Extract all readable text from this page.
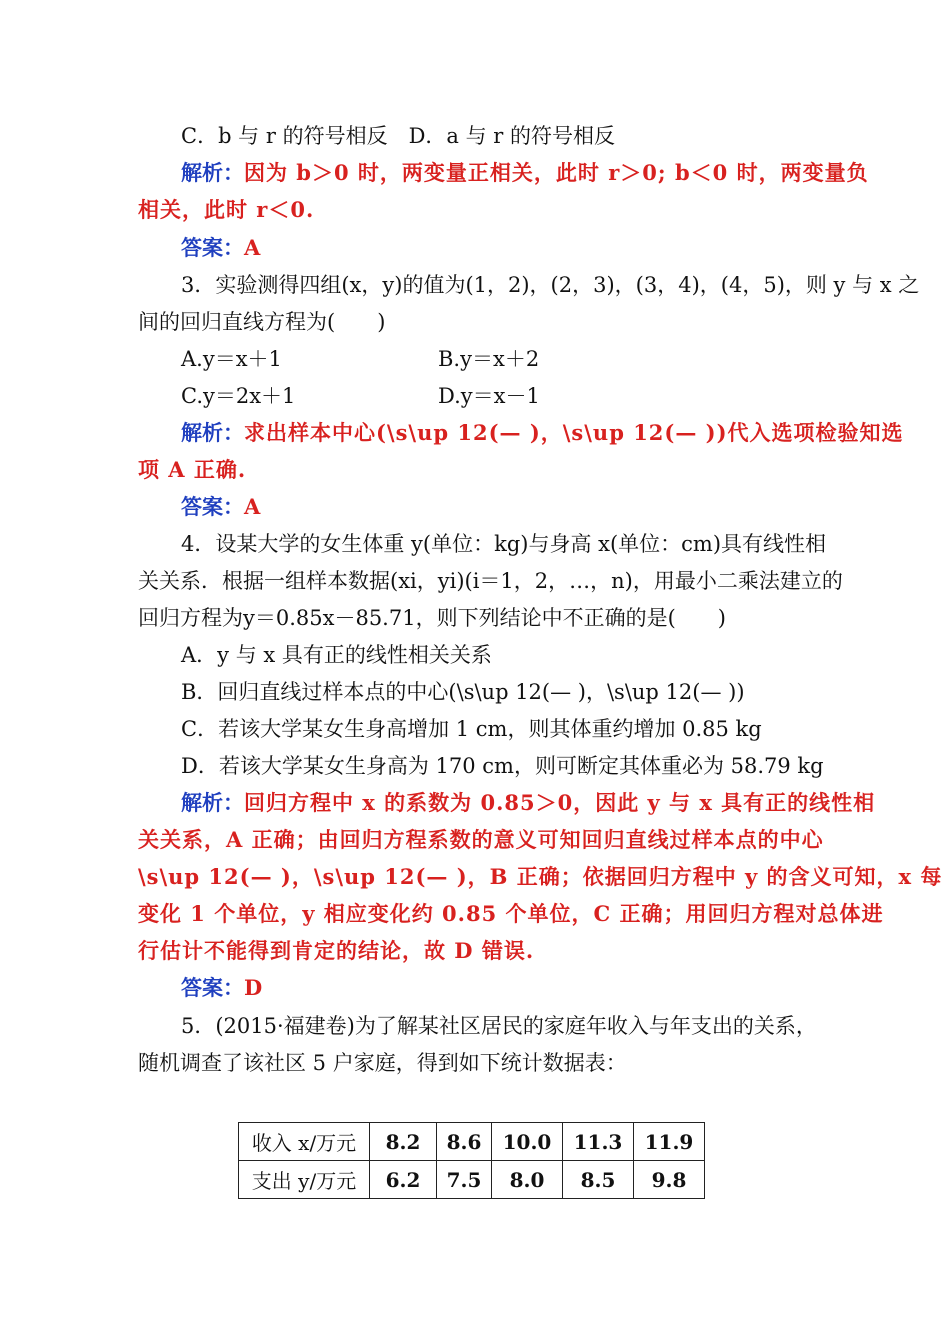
C．b 与 r 的符号相反　D．a 与 r 的符号相反
解析：因为 b＞0 时，两变量正相关，此时 r＞0; b＜0 时，两变量负
相关，此时 r＜0.
答案：A
3．实验测得四组(x，y)的值为(1，2)，(2，3)，(3，4)，(4，5)，则 y 与 x 之
间的回归直线方程为(　　)
A.y＝x＋1	B.y＝x＋2
C.y＝2x＋1	D.y＝x－1
解析：求出样本中心(\s\up 12(— )，\s\up 12(— ))代入选项检验知选
项 A 正确.
答案：A
4．设某大学的女生体重 y(单位：kg)与身高 x(单位：cm)具有线性相
关关系．根据一组样本数据(xi，yi)(i＝1，2，…，n)，用最小二乘法建立的
回归方程为y＝0.85x－85.71，则下列结论中不正确的是(　　)
A．y 与 x 具有正的线性相关关系
B．回归直线过样本点的中心(\s\up 12(— )，\s\up 12(— ))
C．若该大学某女生身高增加 1 cm，则其体重约增加 0.85 kg
D．若该大学某女生身高为 170 cm，则可断定其体重必为 58.79 kg
解析：回归方程中 x 的系数为 0.85＞0，因此 y 与 x 具有正的线性相
关关系，A 正确；由回归方程系数的意义可知回归直线过样本点的中心
\s\up 12(— )，\s\up 12(— )，B 正确；依据回归方程中 y 的含义可知，x 每
变化 1 个单位，y 相应变化约 0.85 个单位，C 正确；用回归方程对总体进
行估计不能得到肯定的结论，故 D 错误.
答案：D
5．(2015·福建卷)为了解某社区居民的家庭年收入与年支出的关系，
随机调查了该社区 5 户家庭，得到如下统计数据表：
收入 x/万元	8.2	8.6	10.0	11.3	11.9
支出 y/万元	6.2	7.5	8.0	8.5	9.8
